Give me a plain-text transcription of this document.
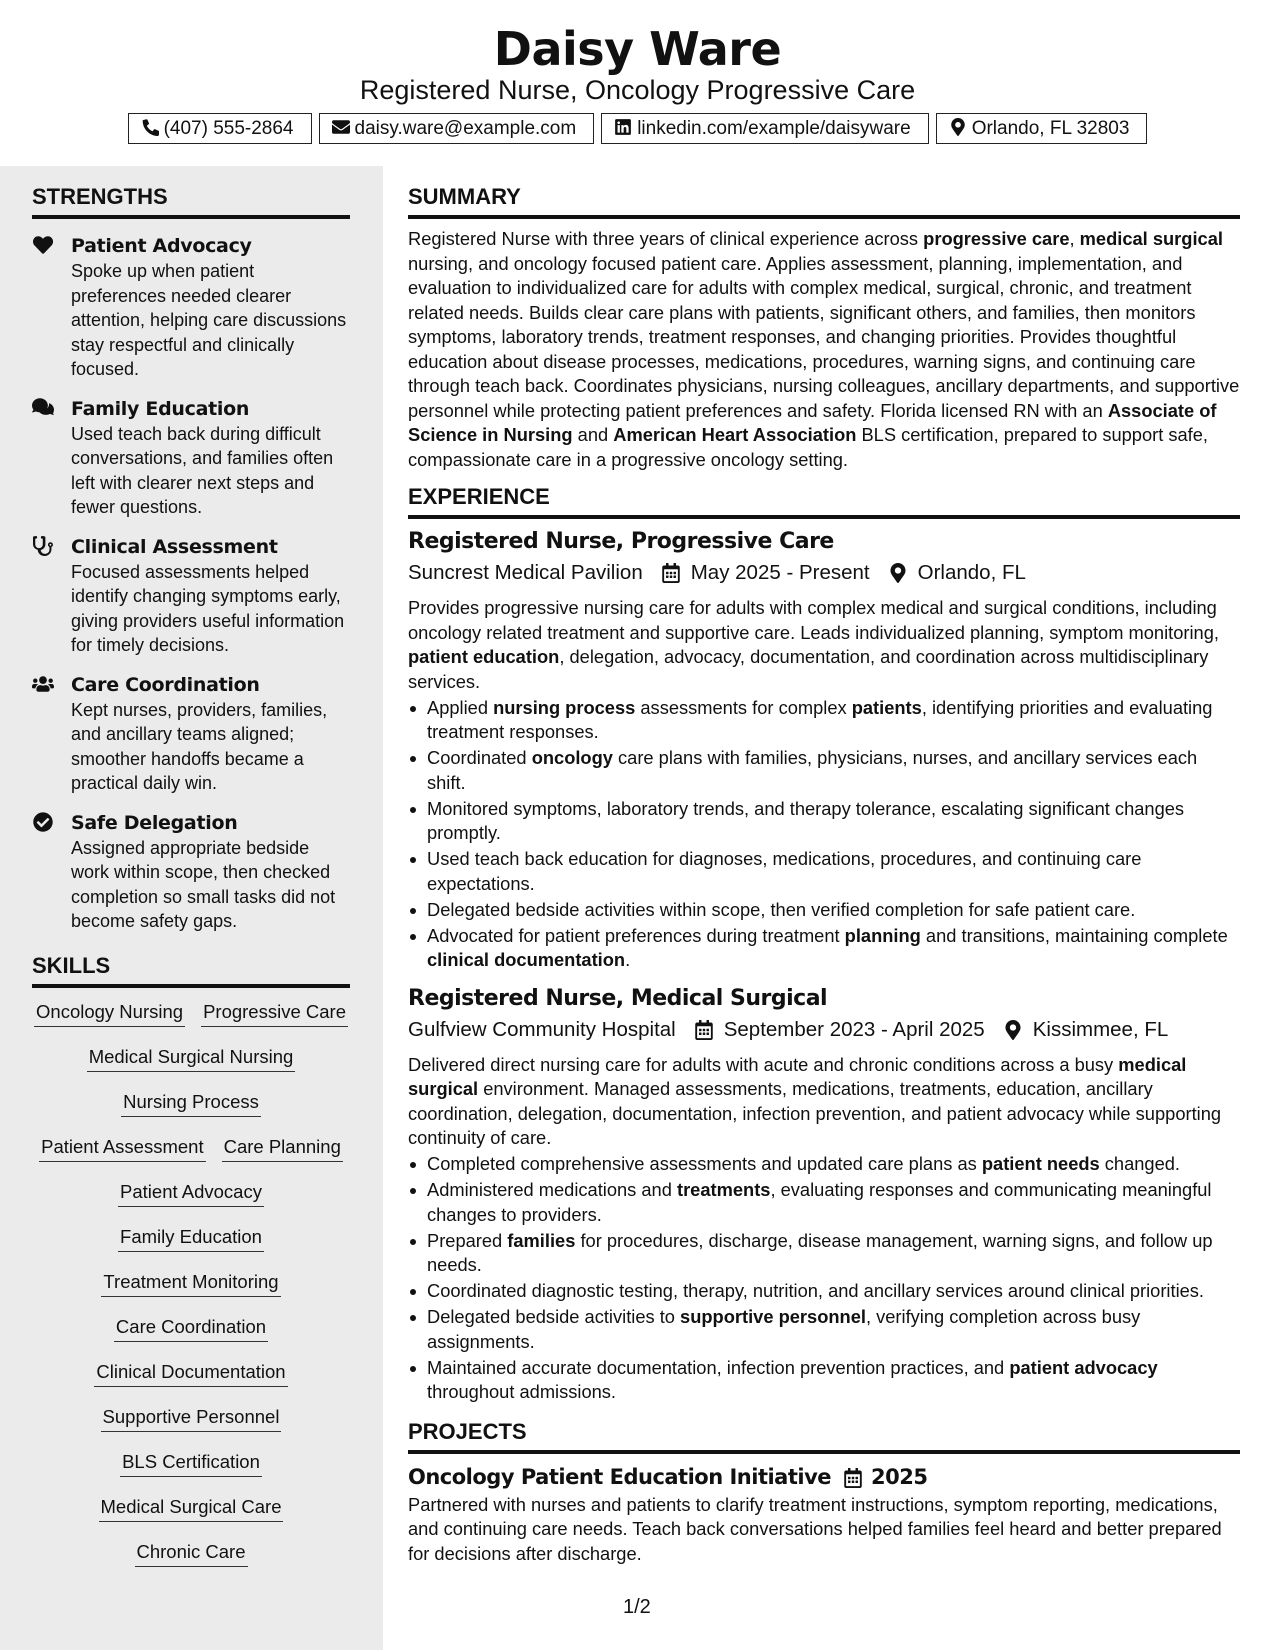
Daisy Ware
Registered Nurse, Oncology Progressive Care
(407) 555-2864	daisy.ware@example.com	linkedin.com/example/daisyware	Orlando, FL 32803
STRENGTHS
Patient Advocacy
Spoke up when patient preferences needed clearer attention, helping care discussions stay respectful and clinically focused.
Family Education
Used teach back during difficult conversations, and families often left with clearer next steps and fewer questions.
Clinical Assessment
Focused assessments helped identify changing symptoms early, giving providers useful information for timely decisions.
Care Coordination
Kept nurses, providers, families, and ancillary teams aligned; smoother handoffs became a practical daily win.
Safe Delegation
Assigned appropriate bedside work within scope, then checked completion so small tasks did not become safety gaps.
SKILLS
Oncology Nursing Progressive Care
Medical Surgical Nursing
Nursing Process
Patient Assessment Care Planning
Patient Advocacy
Family Education
Treatment Monitoring
Care Coordination
Clinical Documentation
Supportive Personnel
BLS Certification
Medical Surgical Care
Chronic Care
SUMMARY
Registered Nurse with three years of clinical experience across progressive care, medical surgical nursing, and oncology focused patient care. Applies assessment, planning, implementation, and evaluation to individualized care for adults with complex medical, surgical, chronic, and treatment related needs. Builds clear care plans with patients, significant others, and families, then monitors symptoms, laboratory trends, treatment responses, and changing priorities. Provides thoughtful education about disease processes, medications, procedures, warning signs, and continuing care through teach back. Coordinates physicians, nursing colleagues, ancillary departments, and supportive personnel while protecting patient preferences and safety. Florida licensed RN with an Associate of Science in Nursing and American Heart Association BLS certification, prepared to support safe, compassionate care in a progressive oncology setting.
EXPERIENCE
Registered Nurse, Progressive Care
Suncrest Medical Pavilion May 2025 - Present Orlando, FL
Provides progressive nursing care for adults with complex medical and surgical conditions, including oncology related treatment and supportive care. Leads individualized planning, symptom monitoring, patient education, delegation, advocacy, documentation, and coordination across multidisciplinary services.
Applied nursing process assessments for complex patients, identifying priorities and evaluating treatment responses.
Coordinated oncology care plans with families, physicians, nurses, and ancillary services each shift.
Monitored symptoms, laboratory trends, and therapy tolerance, escalating significant changes promptly.
Used teach back education for diagnoses, medications, procedures, and continuing care expectations.
Delegated bedside activities within scope, then verified completion for safe patient care.
Advocated for patient preferences during treatment planning and transitions, maintaining complete clinical documentation.
Registered Nurse, Medical Surgical
Gulfview Community Hospital September 2023 - April 2025 Kissimmee, FL
Delivered direct nursing care for adults with acute and chronic conditions across a busy medical surgical environment. Managed assessments, medications, treatments, education, ancillary coordination, delegation, documentation, infection prevention, and patient advocacy while supporting continuity of care.
Completed comprehensive assessments and updated care plans as patient needs changed.
Administered medications and treatments, evaluating responses and communicating meaningful changes to providers.
Prepared families for procedures, discharge, disease management, warning signs, and follow up needs.
Coordinated diagnostic testing, therapy, nutrition, and ancillary services around clinical priorities.
Delegated bedside activities to supportive personnel, verifying completion across busy assignments.
Maintained accurate documentation, infection prevention practices, and patient advocacy throughout admissions.
PROJECTS
Oncology Patient Education Initiative 2025
Partnered with nurses and patients to clarify treatment instructions, symptom reporting, medications, and continuing care needs. Teach back conversations helped families feel heard and better prepared for decisions after discharge.
1/2
